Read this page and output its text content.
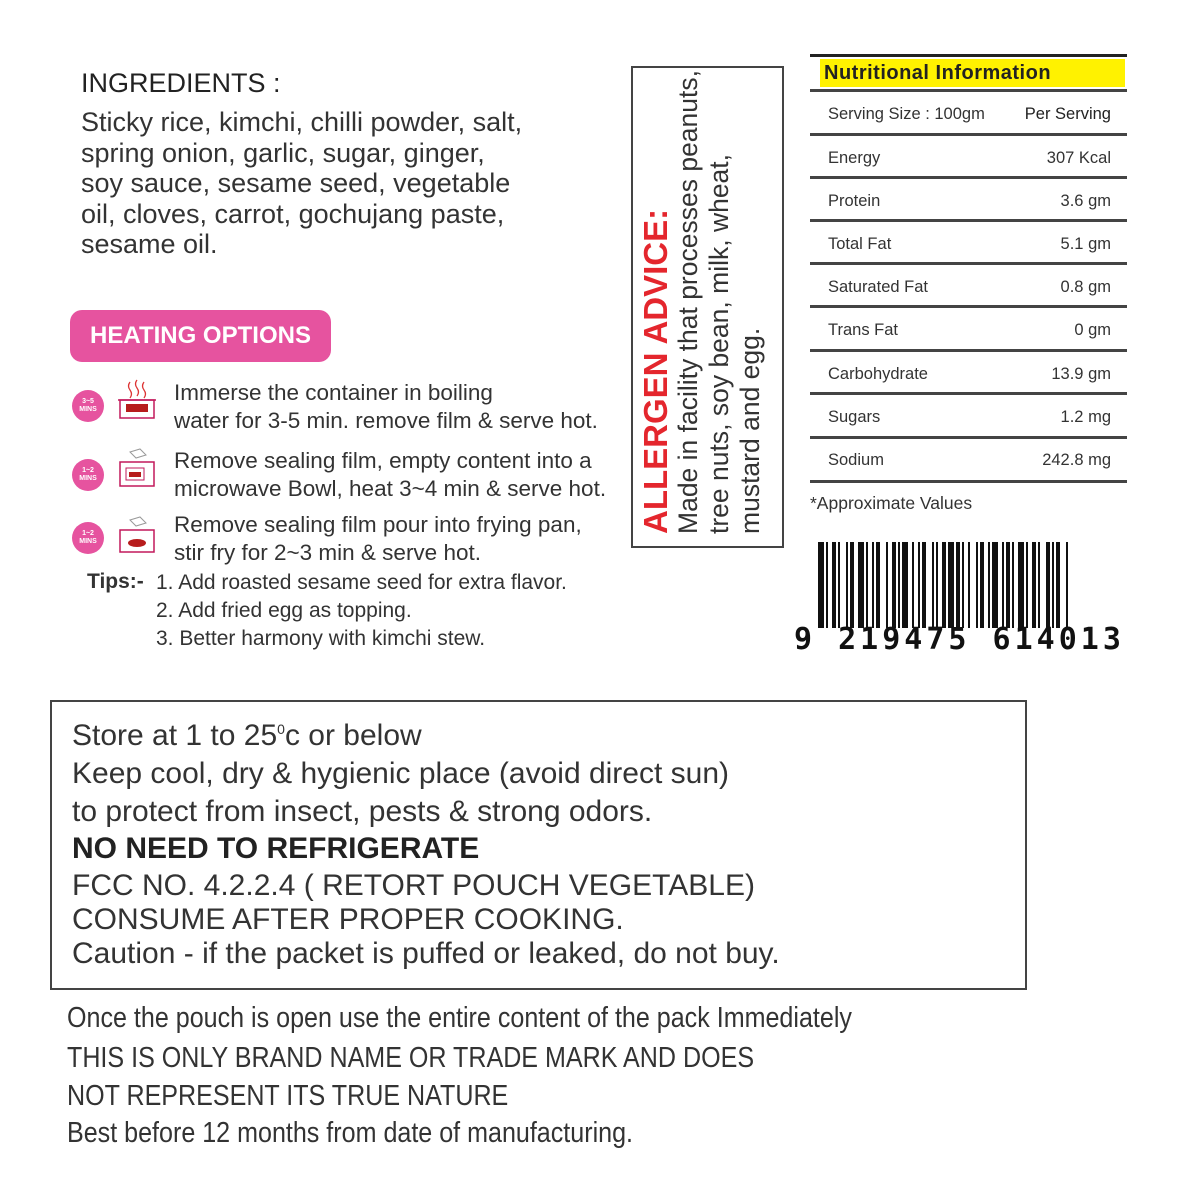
INGREDIENTS :
Sticky rice, kimchi, chilli powder, salt,
spring onion, garlic, sugar, ginger,
soy sauce, sesame seed, vegetable
oil, cloves, carrot, gochujang paste,
sesame oil.
HEATING OPTIONS
3~5
MINS
Immerse the container in boiling
water for 3-5 min. remove film & serve hot.
1~2
MINS
Remove sealing film, empty content into a
microwave Bowl, heat 3~4 min & serve hot.
1~2
MINS
Remove sealing film pour into frying pan,
stir fry for 2~3 min & serve hot.
Tips:- 1. Add roasted sesame seed for extra flavor.
2. Add fried egg as topping.
3. Better harmony with kimchi stew.
ALLERGEN ADVICE: Made in facility that processes peanuts, tree nuts, soy bean, milk, wheat, mustard and egg.
Nutritional Information
Serving Size : 100gm Per Serving
Energy	307 Kcal
Protein	3.6 gm
Total Fat	5.1 gm
Saturated Fat	0.8 gm
Trans Fat	0 gm
Carbohydrate	13.9 gm
Sugars	1.2 mg
Sodium	242.8 mg
*Approximate Values
9 219475 614013
Store at 1 to $25^0c$ or below
Keep cool, dry & hygienic place (avoid direct sun)
to protect from insect, pests & strong odors.
NO NEED TO REFRIGERATE
FCC NO. 4.2.2.4 ( RETORT POUCH VEGETABLE)
CONSUME AFTER PROPER COOKING.
Caution - if the packet is puffed or leaked, do not buy.
Once the pouch is open use the entire content of the pack Immediately
THIS IS ONLY BRAND NAME OR TRADE MARK AND DOES
NOT REPRESENT ITS TRUE NATURE
Best before 12 months from date of manufacturing.
